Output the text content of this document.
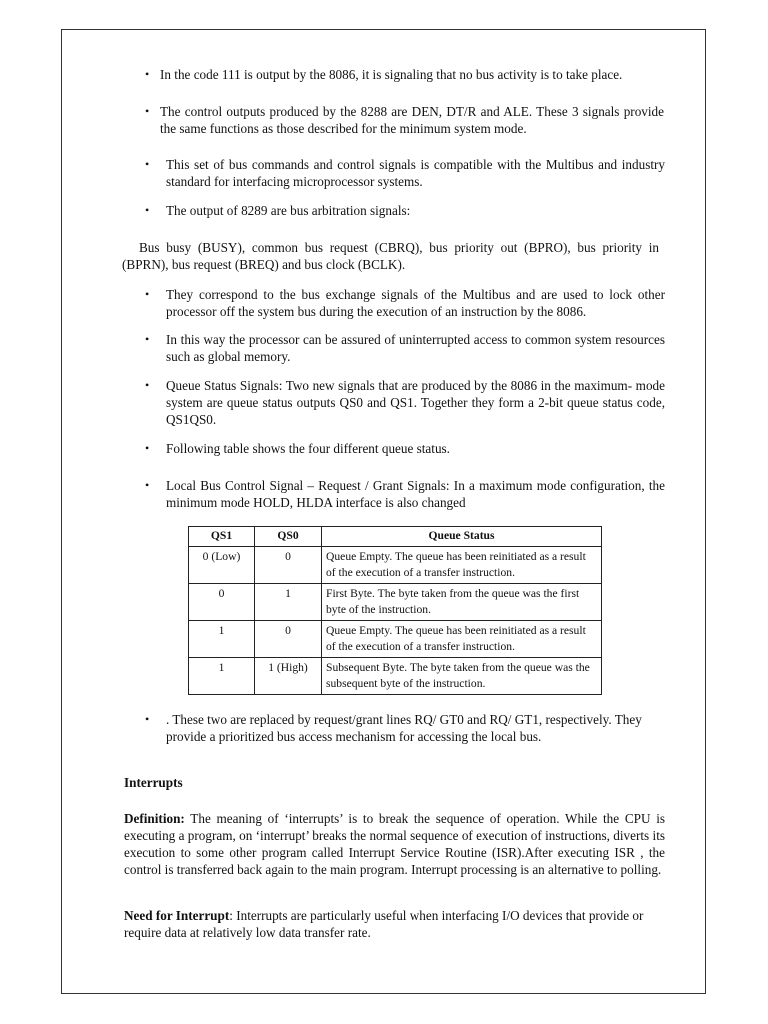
• In the code 111 is output by the 8086, it is signaling that no bus activity is to take place.
• The control outputs produced by the 8288 are DEN, DT/R and ALE. These 3 signals provide the same functions as those described for the minimum system mode.
• This set of bus commands and control signals is compatible with the Multibus and industry standard for interfacing microprocessor systems.
• The output of 8289 are bus arbitration signals:
Bus busy (BUSY), common bus request (CBRQ), bus priority out (BPRO), bus priority in (BPRN), bus request (BREQ) and bus clock (BCLK).
• They correspond to the bus exchange signals of the Multibus and are used to lock other processor off the system bus during the execution of an instruction by the 8086.
• In this way the processor can be assured of uninterrupted access to common system resources such as global memory.
• Queue Status Signals: Two new signals that are produced by the 8086 in the maximum- mode system are queue status outputs QS0 and QS1. Together they form a 2-bit queue status code, QS1QS0.
• Following table shows the four different queue status.
• Local Bus Control Signal – Request / Grant Signals: In a maximum mode configuration, the minimum mode HOLD, HLDA interface is also changed
QS1	QS0	Queue Status
0 (Low)	0	Queue Empty. The queue has been reinitiated as a result of the execution of a transfer instruction.
0	1	First Byte. The byte taken from the queue was the first byte of the instruction.
1	0	Queue Empty. The queue has been reinitiated as a result of the execution of a transfer instruction.
1	1 (High)	Subsequent Byte. The byte taken from the queue was the subsequent byte of the instruction.
• . These two are replaced by request/grant lines RQ/ GT0 and RQ/ GT1, respectively. They provide a prioritized bus access mechanism for accessing the local bus.
Interrupts
Definition: The meaning of ‘interrupts’ is to break the sequence of operation. While the CPU is executing a program, on ‘interrupt’ breaks the normal sequence of execution of instructions, diverts its execution to some other program called Interrupt Service Routine (ISR).After executing ISR , the control is transferred back again to the main program. Interrupt processing is an alternative to polling.
Need for Interrupt: Interrupts are particularly useful when interfacing I/O devices that provide or require data at relatively low data transfer rate.
